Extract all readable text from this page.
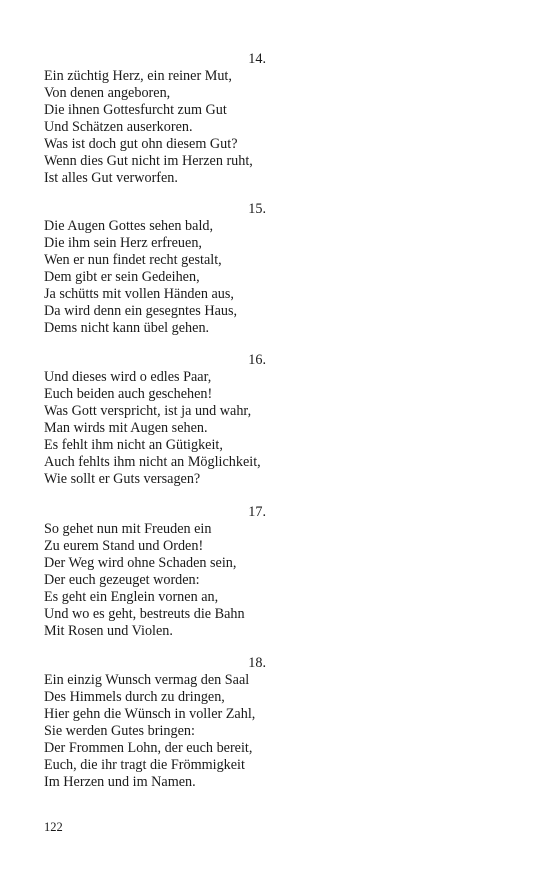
14.
Ein züchtig Herz, ein reiner Mut,
Von denen angeboren,
Die ihnen Gottesfurcht zum Gut
Und Schätzen auserkoren.
Was ist doch gut ohn diesem Gut?
Wenn dies Gut nicht im Herzen ruht,
Ist alles Gut verworfen.
15.
Die Augen Gottes sehen bald,
Die ihm sein Herz erfreuen,
Wen er nun findet recht gestalt,
Dem gibt er sein Gedeihen,
Ja schütts mit vollen Händen aus,
Da wird denn ein gesegntes Haus,
Dems nicht kann übel gehen.
16.
Und dieses wird o edles Paar,
Euch beiden auch geschehen!
Was Gott verspricht, ist ja und wahr,
Man wirds mit Augen sehen.
Es fehlt ihm nicht an Gütigkeit,
Auch fehlts ihm nicht an Möglichkeit,
Wie sollt er Guts versagen?
17.
So gehet nun mit Freuden ein
Zu eurem Stand und Orden!
Der Weg wird ohne Schaden sein,
Der euch gezeuget worden:
Es geht ein Englein vornen an,
Und wo es geht, bestreuts die Bahn
Mit Rosen und Violen.
18.
Ein einzig Wunsch vermag den Saal
Des Himmels durch zu dringen,
Hier gehn die Wünsch in voller Zahl,
Sie werden Gutes bringen:
Der Frommen Lohn, der euch bereit,
Euch, die ihr tragt die Frömmigkeit
Im Herzen und im Namen.
122
